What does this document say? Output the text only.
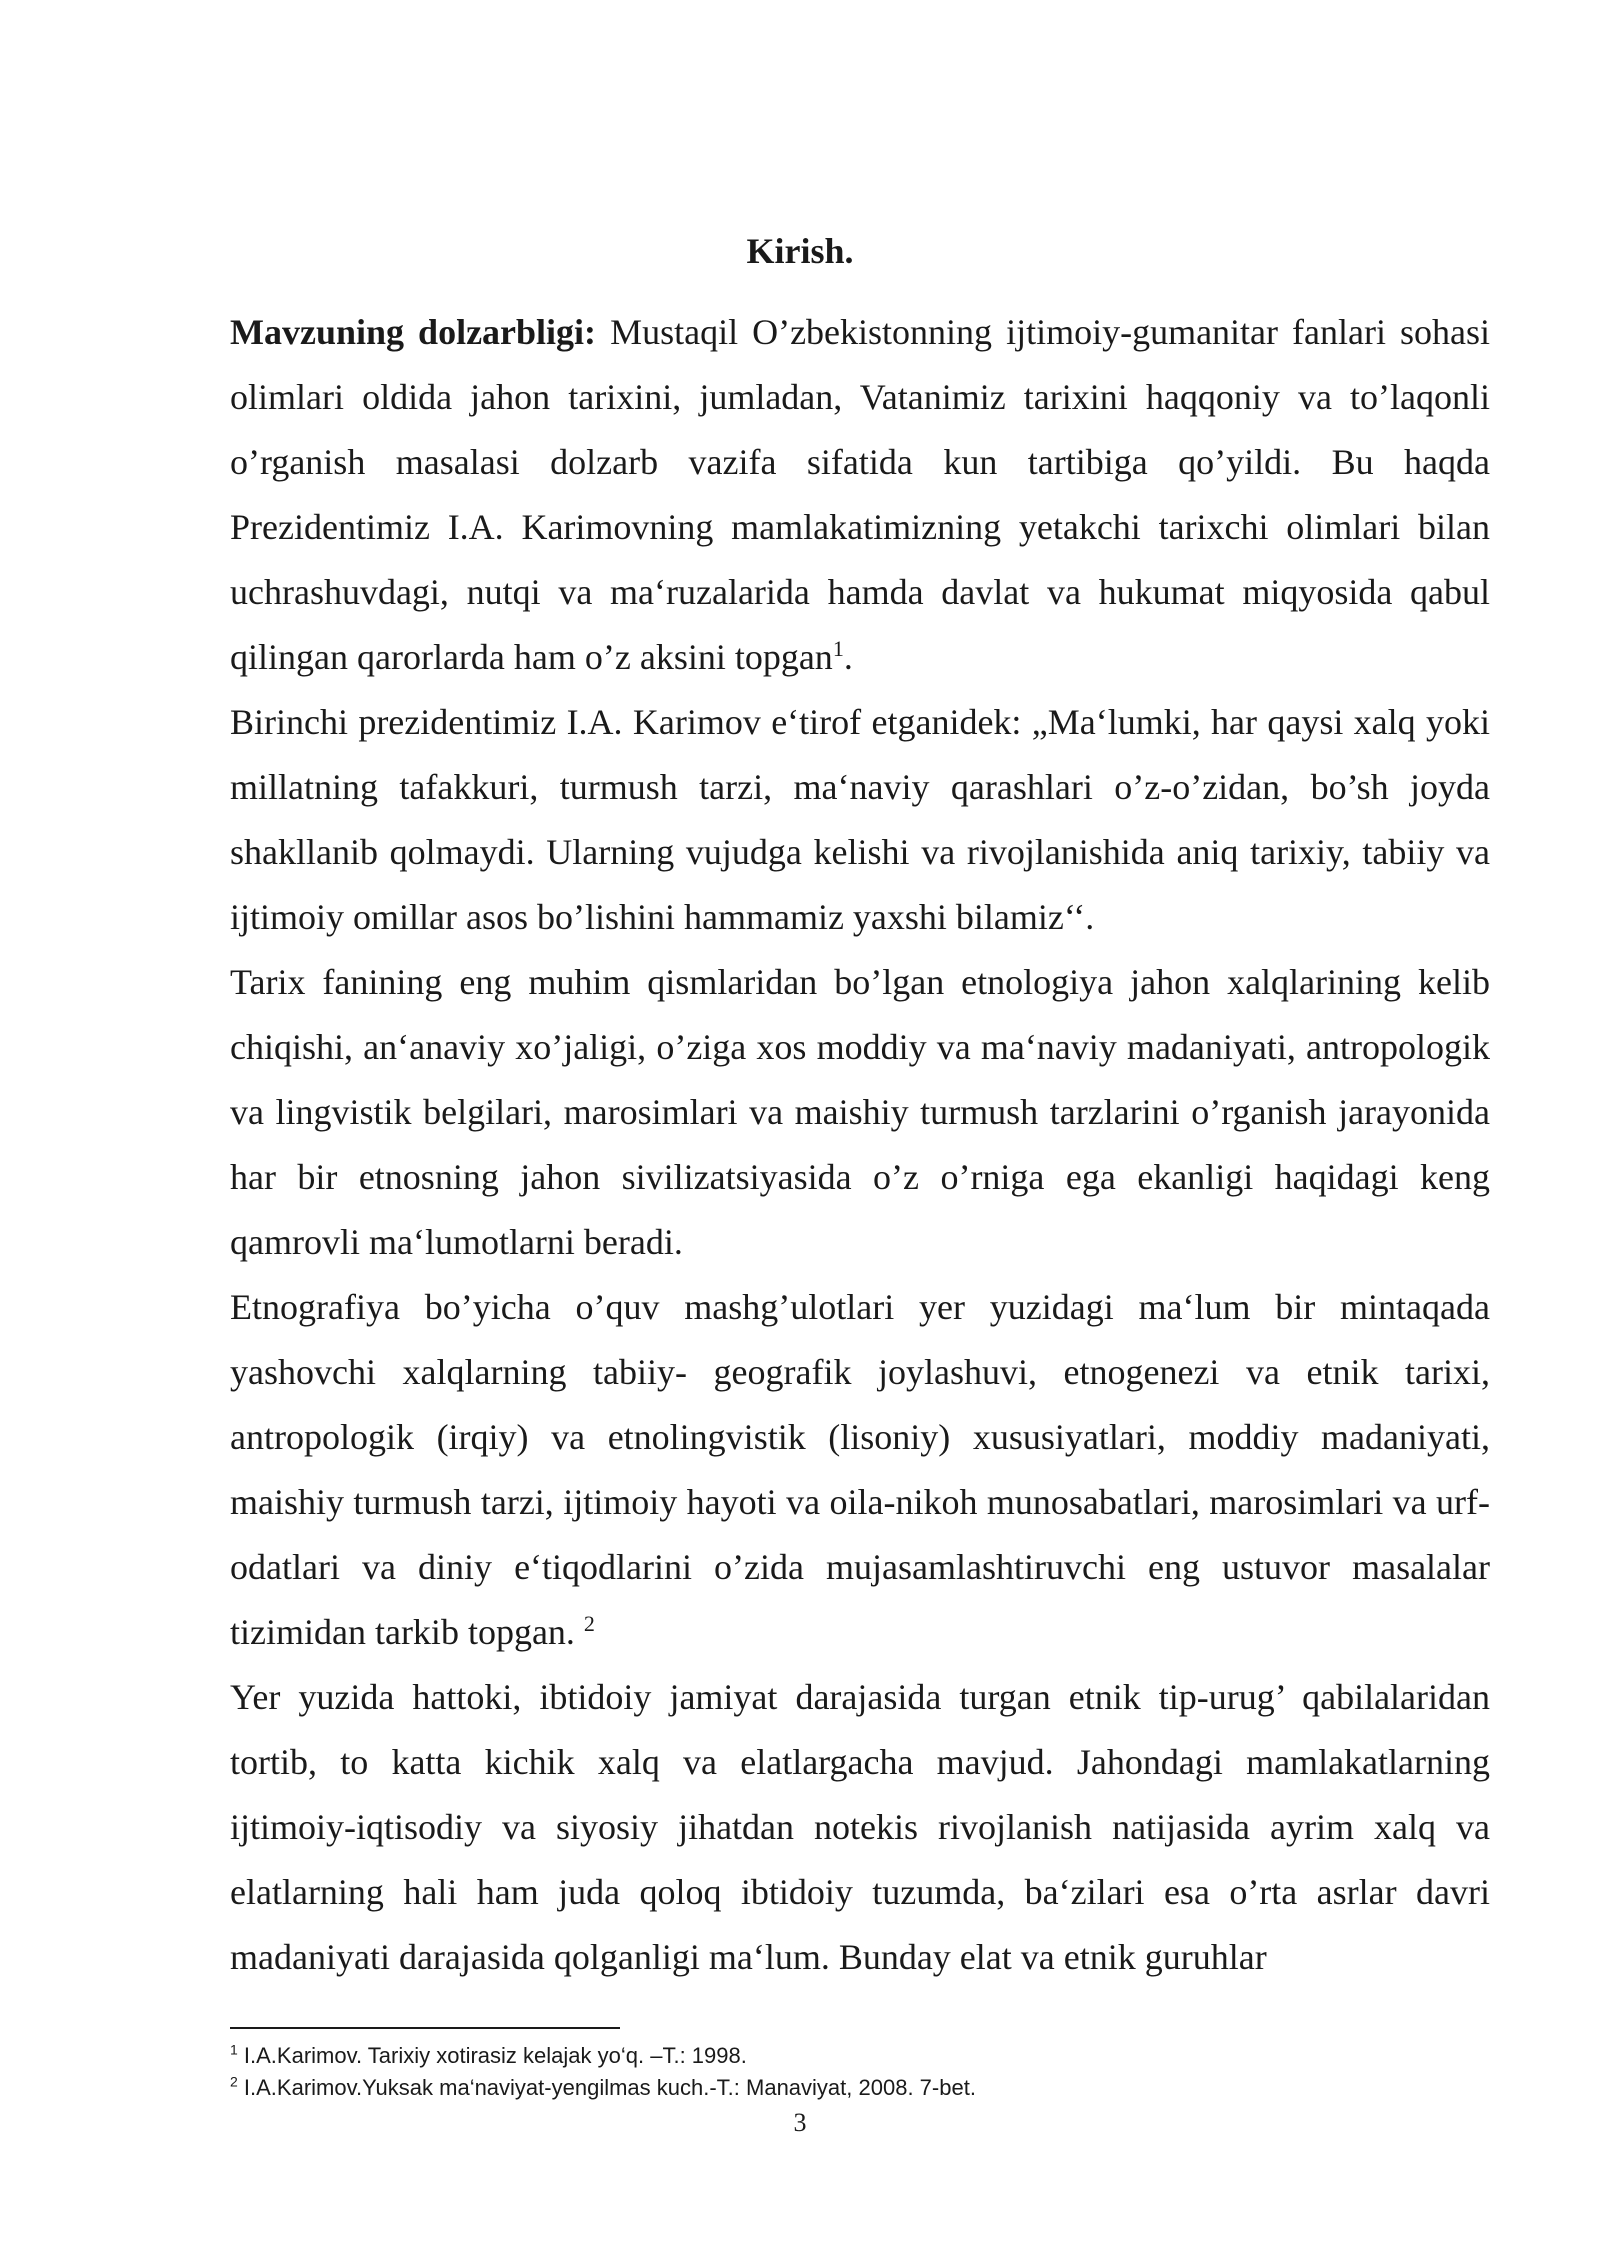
Kirish.

Mavzuning dolzarbligi: Mustaqil O’zbekistonning ijtimoiy-gumanitar fanlari sohasi olimlari oldida jahon tarixini, jumladan, Vatanimiz tarixini haqqoniy va to’laqonli o’rganish masalasi dolzarb vazifa sifatida kun tartibiga qo’yildi. Bu haqda Prezidentimiz I.A. Karimovning mamlakatimizning yetakchi tarixchi olimlari bilan uchrashuvdagi, nutqi va ma‘ruzalarida hamda davlat va hukumat miqyosida qabul qilingan qarorlarda ham o’z aksini topgan$^1$.

Birinchi prezidentimiz I.A. Karimov e‘tirof etganidek: „Ma‘lumki, har qaysi xalq yoki millatning tafakkuri, turmush tarzi, ma‘naviy qarashlari o’z-o’zidan, bo’sh joyda shakllanib qolmaydi. Ularning vujudga kelishi va rivojlanishida aniq tarixiy, tabiiy va ijtimoiy omillar asos bo’lishini hammamiz yaxshi bilamiz‘‘.

Tarix fanining eng muhim qismlaridan bo’lgan etnologiya jahon xalqlarining kelib chiqishi, an‘anaviy xo’jaligi, o’ziga xos moddiy va ma‘naviy madaniyati, antropologik va lingvistik belgilari, marosimlari va maishiy turmush tarzlarini o’rganish jarayonida har bir etnosning jahon sivilizatsiyasida o’z o’rniga ega ekanligi haqidagi keng qamrovli ma‘lumotlarni beradi.

Etnografiya bo’yicha o’quv mashg’ulotlari yer yuzidagi ma‘lum bir mintaqada yashovchi xalqlarning tabiiy- geografik joylashuvi, etnogenezi va etnik tarixi, antropologik (irqiy) va etnolingvistik (lisoniy) xususiyatlari, moddiy madaniyati, maishiy turmush tarzi, ijtimoiy hayoti va oila-nikoh munosabatlari, marosimlari va urf-odatlari va diniy e‘tiqodlarini o’zida mujasamlashtiruvchi eng ustuvor masalalar tizimidan tarkib topgan. $^2$

Yer yuzida hattoki, ibtidoiy jamiyat darajasida turgan etnik tip-urug’ qabilalaridan tortib, to katta kichik xalq va elatlargacha mavjud. Jahondagi mamlakatlarning ijtimoiy-iqtisodiy va siyosiy jihatdan notekis rivojlanish natijasida ayrim xalq va elatlarning hali ham juda qoloq ibtidoiy tuzumda, ba‘zilari esa o’rta asrlar davri madaniyati darajasida qolganligi ma‘lum. Bunday elat va etnik guruhlar

$^1$ I.A.Karimov. Tarixiy xotirasiz kelajak yo‘q. –T.: 1998.

$^2$ I.A.Karimov.Yuksak ma‘naviyat-yengilmas kuch.-T.: Manaviyat, 2008. 7-bet.

3
